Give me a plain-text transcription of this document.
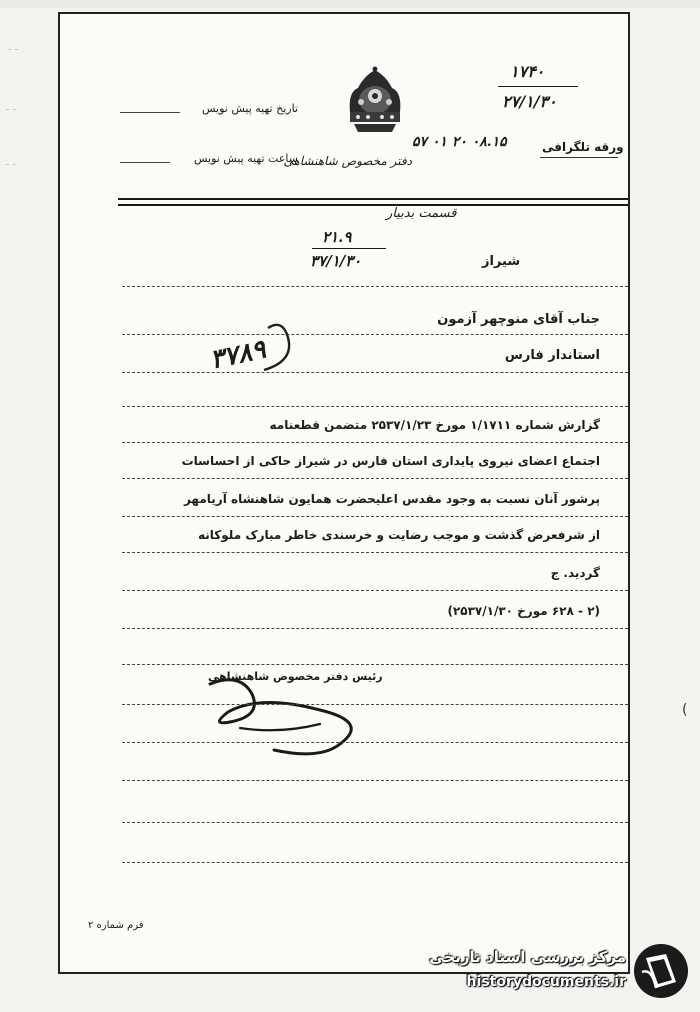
ـ ـ
ـ ـ
ـ ـ
(
۱۷۴۰
۲۷/۱/۳۰
تاریخ تهیه پیش نویس
ساعت تهیه پیش نویس
دفتر مخصوص شاهنشاهی
۵۷ ۰۱ ۲۰ ۰۸.۱۵	ورقه تلگرافی
قسمت بدبیار
۲۱.۹
۳۷/۱/۳۰	شیراز
جناب آقای منوچهر آزمون
۳۷۸۹	استاندار فارس
گزارش شماره ۱/۱۷۱۱ مورخ ۲۵۳۷/۱/۲۳ متضمن قطعنامه
اجتماع اعضای نیروی پایداری استان فارس در شیراز حاکی از احساسات
پرشور آنان نسبت به وجود مقدس اعلیحضرت همایون شاهنشاه آریامهر
از شرفعرض گذشت و موجب رضایت و خرسندی خاطر مبارک ملوکانه
گردید. ج
(۲ - ۶۲۸ مورخ ۲۵۳۷/۱/۳۰)
رئیس دفتر مخصوص شاهنشاهی
فرم شماره ۲
مرکز بررسی اسناد تاریخی
historydocuments.ir
